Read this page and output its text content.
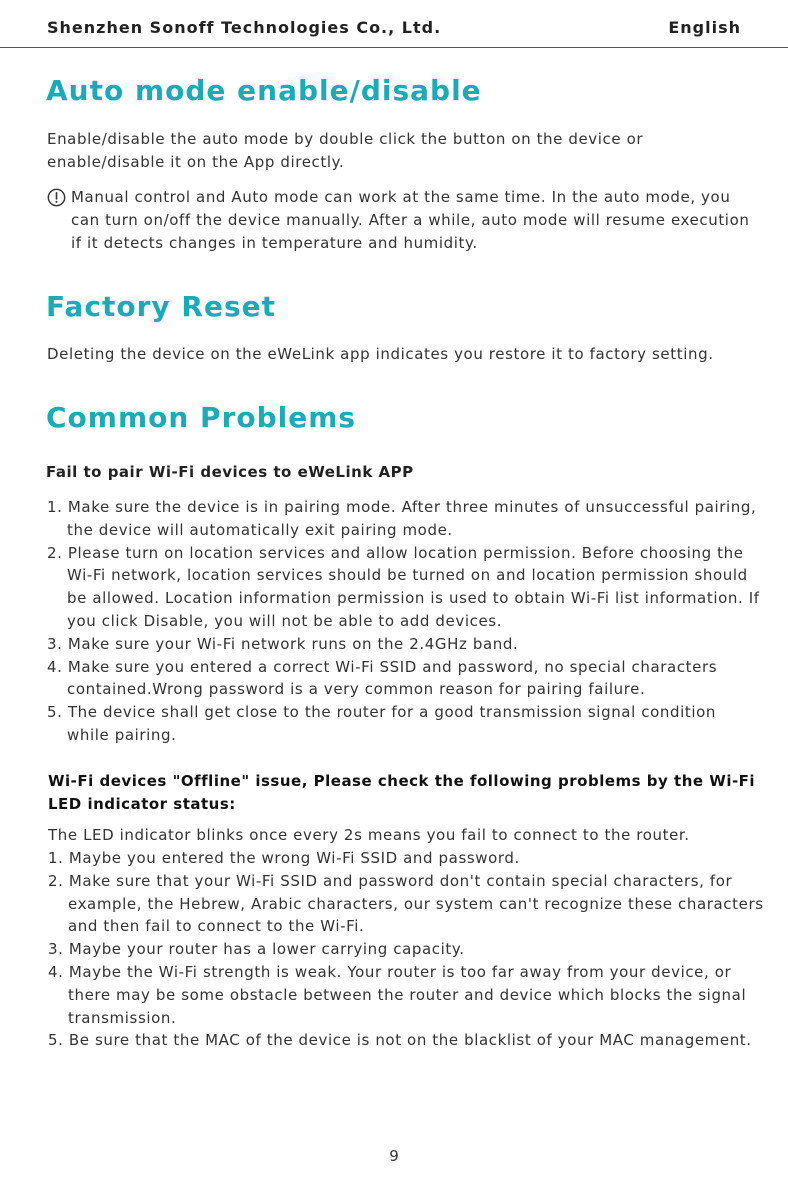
Shenzhen Sonoff Technologies Co., Ltd.	English
Auto mode enable/disable
Enable/disable the auto mode by double click the button on the device or enable/disable it on the App directly.
Manual control and Auto mode can work at the same time. In the auto mode, you can turn on/off the device manually. After a while, auto mode will resume execution if it detects changes in temperature and humidity.
Factory Reset
Deleting the device on the eWeLink app indicates you restore it to factory setting.
Common Problems
Fail to pair Wi-Fi devices to eWeLink APP
1. Make sure the device is in pairing mode. After three minutes of unsuccessful pairing, the device will automatically exit pairing mode.
2. Please turn on location services and allow location permission. Before choosing the Wi-Fi network, location services should be turned on and location permission should be allowed. Location information permission is used to obtain Wi-Fi list information. If you click Disable, you will not be able to add devices.
3. Make sure your Wi-Fi network runs on the 2.4GHz band.
4. Make sure you entered a correct Wi-Fi SSID and password, no special characters contained.Wrong password is a very common reason for pairing failure.
5. The device shall get close to the router for a good transmission signal condition while pairing.
Wi-Fi devices "Offline" issue, Please check the following problems by the Wi-Fi LED indicator status:
The LED indicator blinks once every 2s means you fail to connect to the router.
1. Maybe you entered the wrong Wi-Fi SSID and password.
2. Make sure that your Wi-Fi SSID and password don't contain special characters, for example, the Hebrew, Arabic characters, our system can't recognize these characters and then fail to connect to the Wi-Fi.
3. Maybe your router has a lower carrying capacity.
4. Maybe the Wi-Fi strength is weak. Your router is too far away from your device, or there may be some obstacle between the router and device which blocks the signal transmission.
5. Be sure that the MAC of the device is not on the blacklist of your MAC management.
9
